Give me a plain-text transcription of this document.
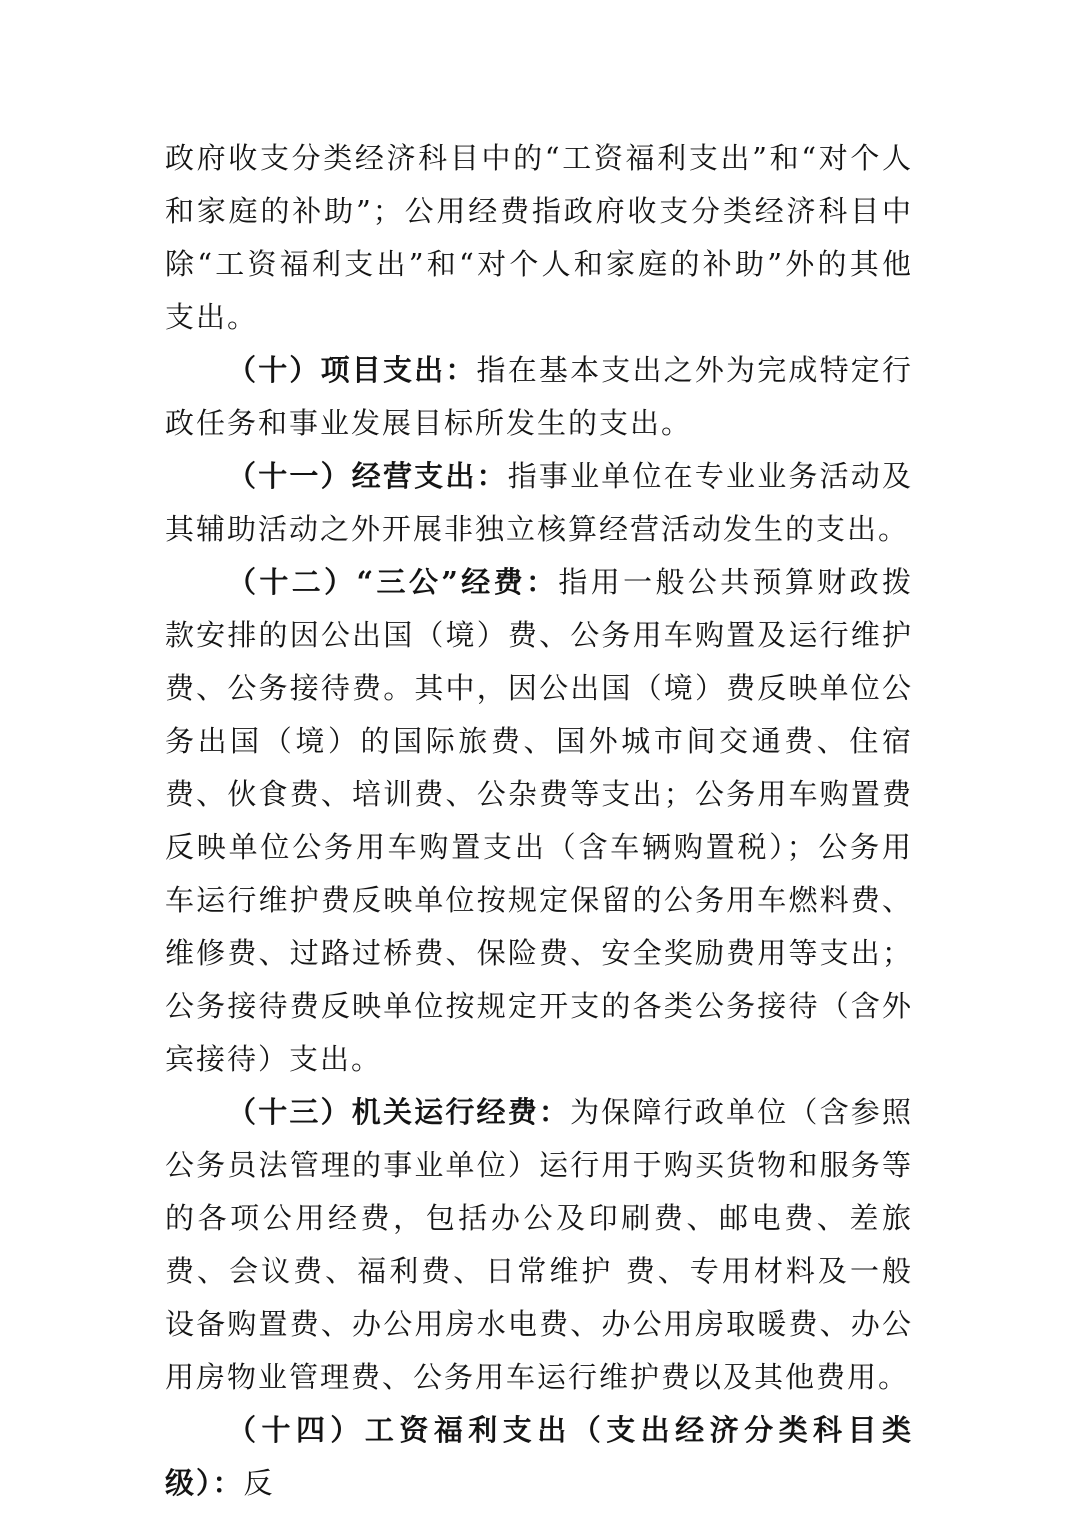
政府收支分类经济科目中的“工资福利支出”和“对个人和家庭的补助”；公用经费指政府收支分类经济科目中除“工资福利支出”和“对个人和家庭的补助”外的其他支出。

（十）项目支出：指在基本支出之外为完成特定行政任务和事业发展目标所发生的支出。

（十一）经营支出：指事业单位在专业业务活动及其辅助活动之外开展非独立核算经营活动发生的支出。

（十二）“三公”经费：指用一般公共预算财政拨款安排的因公出国（境）费、公务用车购置及运行维护费、公务接待费。其中，因公出国（境）费反映单位公务出国（境）的国际旅费、国外城市间交通费、住宿费、伙食费、培训费、公杂费等支出；公务用车购置费反映单位公务用车购置支出（含车辆购置税）；公务用车运行维护费反映单位按规定保留的公务用车燃料费、维修费、过路过桥费、保险费、安全奖励费用等支出；公务接待费反映单位按规定开支的各类公务接待（含外宾接待）支出。

（十三）机关运行经费：为保障行政单位（含参照公务员法管理的事业单位）运行用于购买货物和服务等的各项公用经费，包括办公及印刷费、邮电费、差旅费、会议费、福利费、日常维护 费、专用材料及一般设备购置费、办公用房水电费、办公用房取暖费、办公用房物业管理费、公务用车运行维护费以及其他费用。

（十四）工资福利支出（支出经济分类科目类级）：反
